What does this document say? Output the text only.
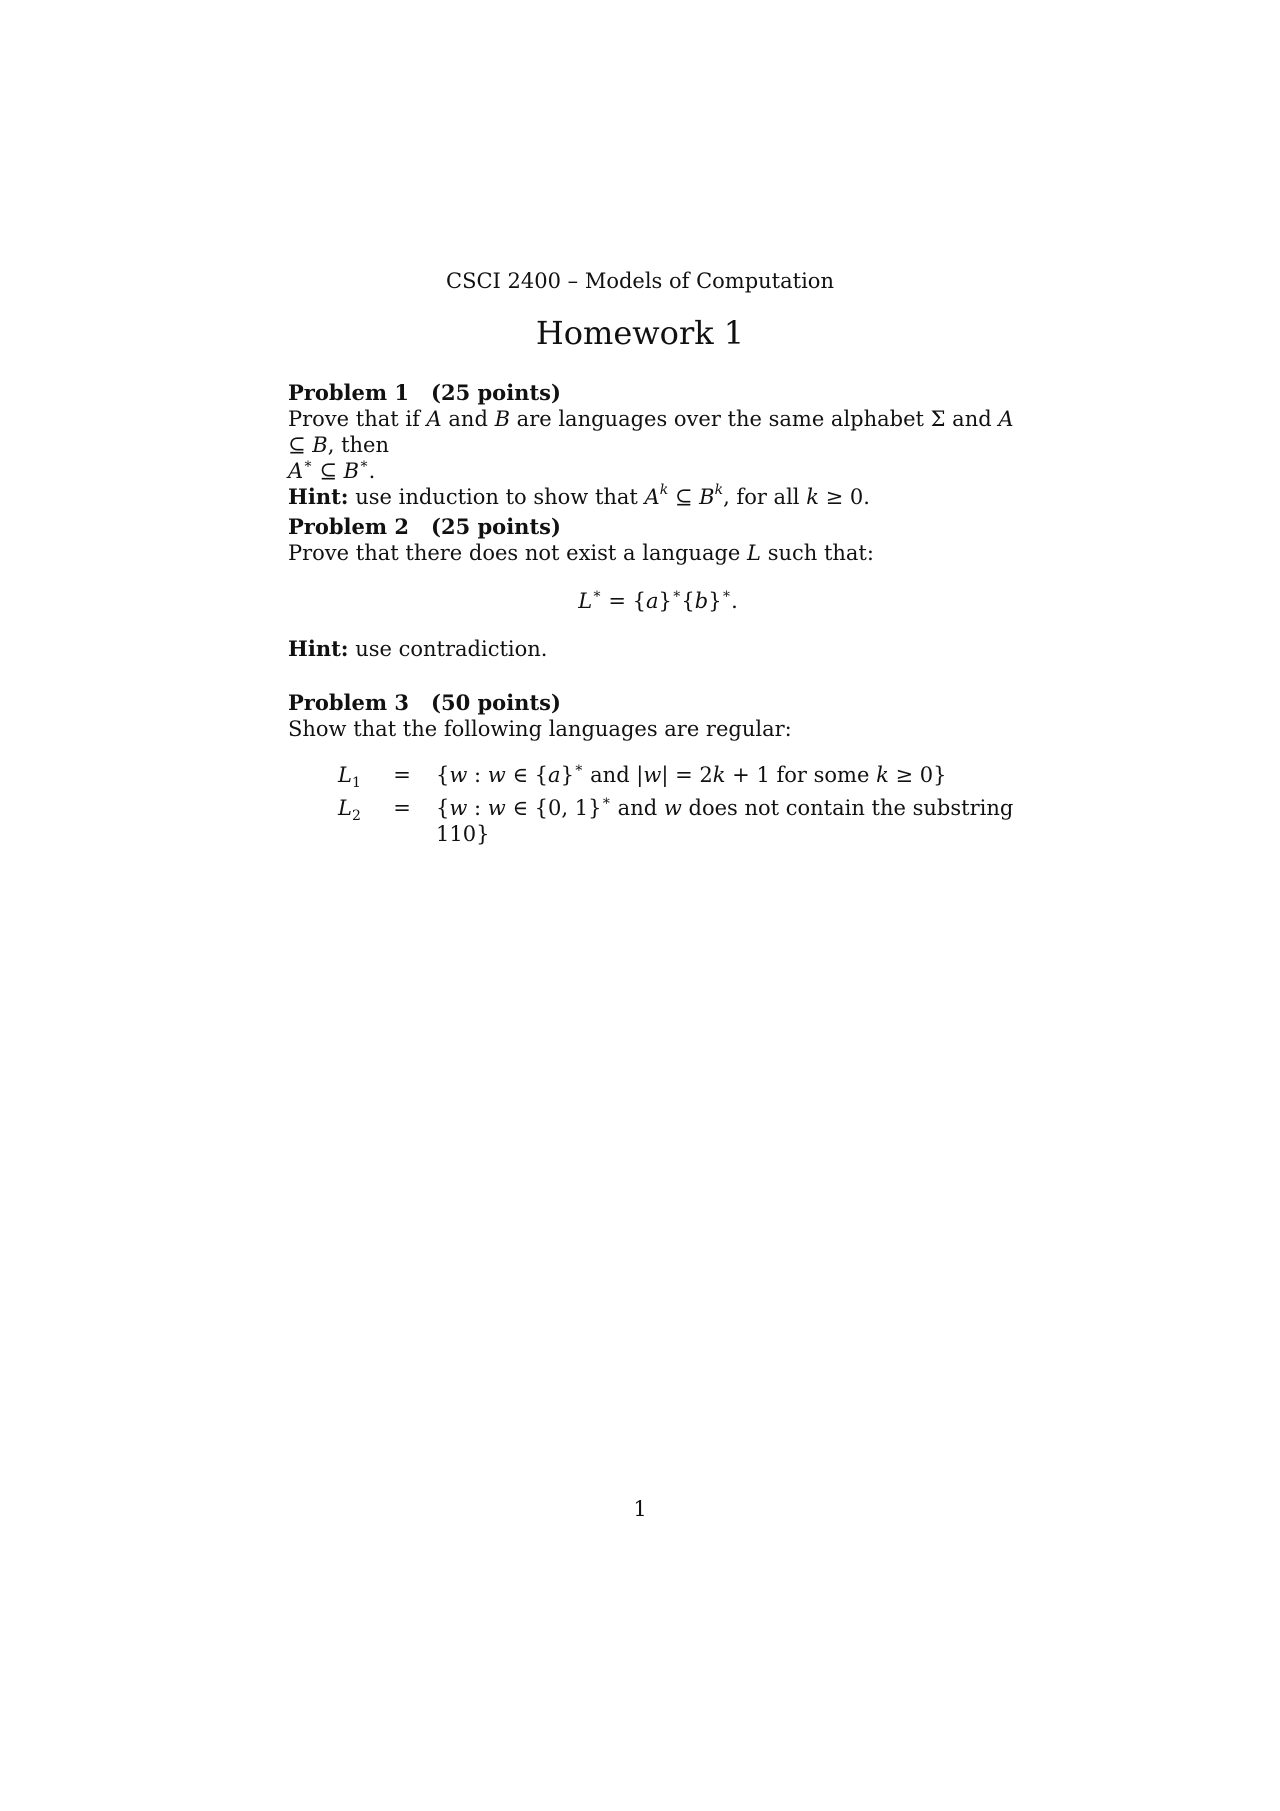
CSCI 2400 – Models of Computation
Homework 1
Problem 1 (25 points)
Prove that if A and B are languages over the same alphabet Σ and A ⊆ B, then
A∗ ⊆ B∗.
Hint: use induction to show that $A^k$ ⊆ $B^k$, for all k ≥ 0.
Problem 2 (25 points)
Prove that there does not exist a language L such that:
L∗ = {a}∗{b}∗.
Hint: use contradiction.
Problem 3 (50 points)
Show that the following languages are regular:
$L_1$	=	{w : w ∈ {a}∗ and |w| = 2k + 1 for some k ≥ 0}
$L_2$	=	{w : w ∈ {0, 1}∗ and w does not contain the substring 110}
1
